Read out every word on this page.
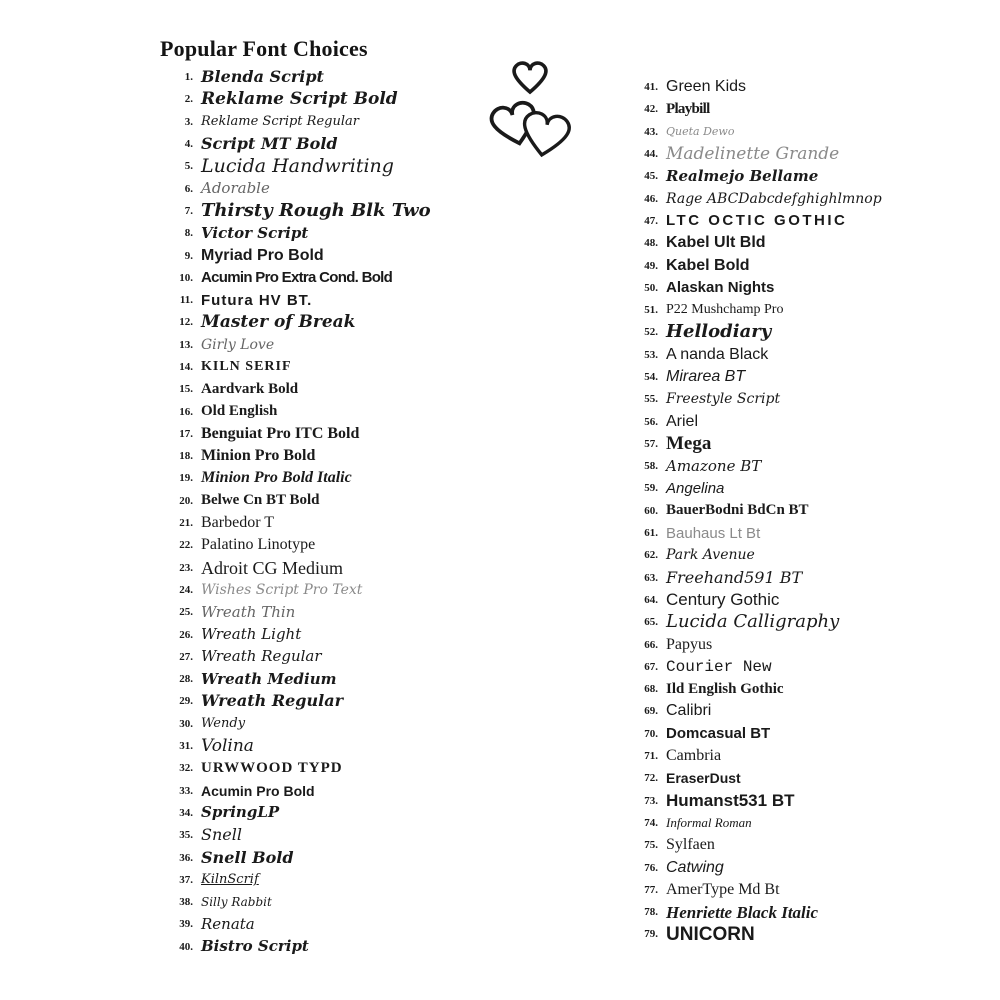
Popular Font Choices
1. Blenda Script
2. Reklame Script Bold
3. Reklame Script Regular
4. Script MT Bold
5. Lucida Handwriting
6. Adorable
7. Thirsty Rough Blk Two
8. Victor Script
9. Myriad Pro Bold
10. Acumin Pro Extra Cond. Bold
11. Futura HV BT.
12. Master of Break
13. Girly Love
14. KILN SERIF
15. Aardvark Bold
16. Old English
17. Benguiat Pro ITC Bold
18. Minion Pro Bold
19. Minion Pro Bold Italic
20. Belwe Cn BT Bold
21. Barbedor T
22. Palatino Linotype
23. Adroit CG Medium
24. Wishes Script Pro Text
25. Wreath Thin
26. Wreath Light
27. Wreath Regular
28. Wreath Medium
29. Wreath Regular
30. Wendy
31. Volina
32. URWWOOD TYPD
33. Acumin Pro Bold
34. SpringLP
35. Snell
36. Snell Bold
37. KilnScrif
38. Silly Rabbit
39. Renata
40. Bistro Script
41. Green Kids
42. Playbill
43. Queta Dewo
44. Madelinette Grande
45. Realmejo Bellame
46. Rage ABCDabcdefghighlmnop
47. LTC OCTIC GOTHIC
48. Kabel Ult Bld
49. Kabel Bold
50. Alaskan Nights
51. P22 Mushchamp Pro
52. Hellodiary
53. A nanda Black
54. Mirarea BT
55. Freestyle Script
56. Ariel
57. Mega
58. Amazone BT
59. Angelina
60. BauerBodni BdCn BT
61. Bauhaus Lt Bt
62. Park Avenue
63. Freehand591 BT
64. Century Gothic
65. Lucida Calligraphy
66. Papyus
67. Courier New
68. Ild English Gothic
69. Calibri
70. Domcasual BT
71. Cambria
72. EraserDust
73. Humanst531 BT
74. Informal Roman
75. Sylfaen
76. Catwing
77. AmerType Md Bt
78. Henriette Black Italic
79. UNICORN
